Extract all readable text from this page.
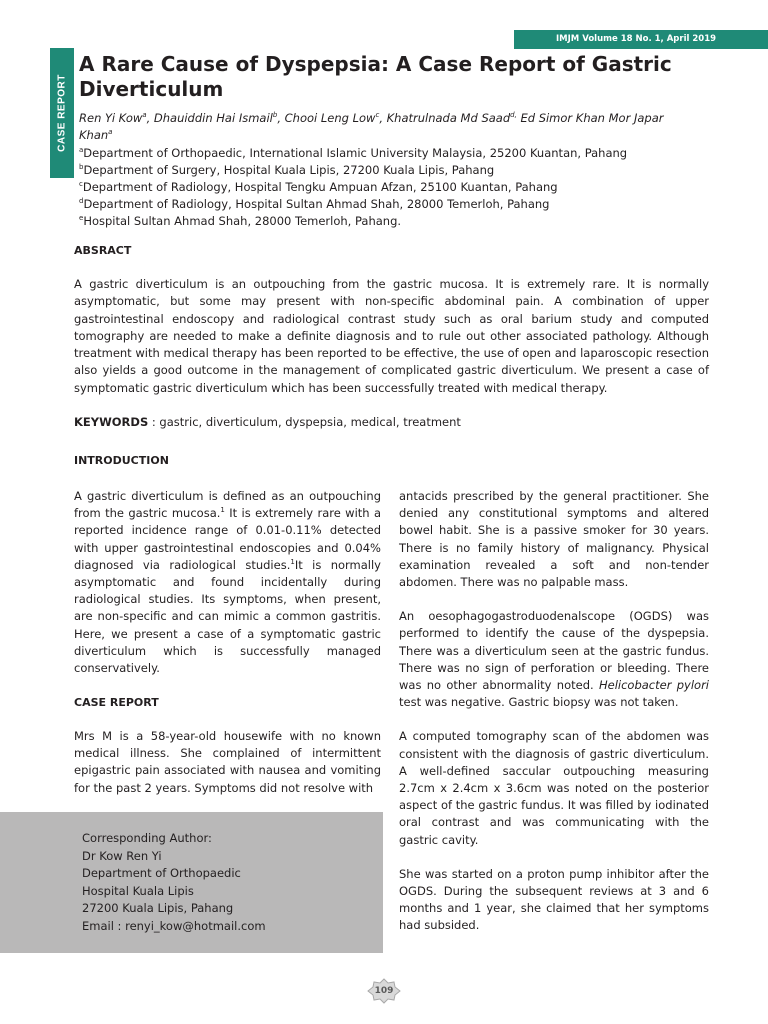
IMJM Volume 18 No. 1, April 2019
CASE REPORT
A Rare Cause of Dyspepsia: A Case Report of Gastric Diverticulum
Ren Yi Kow$^a$, Dhauiddin Hai Ismail$^b$, Chooi Leng Low$^c$, Khatrulnada Md Saad$^{d,}$ Ed Simor Khan Mor Japar Khan$^a$
$^a$Department of Orthopaedic, International Islamic University Malaysia, 25200 Kuantan, Pahang
$^b$Department of Surgery, Hospital Kuala Lipis, 27200 Kuala Lipis, Pahang
$^c$Department of Radiology, Hospital Tengku Ampuan Afzan, 25100 Kuantan, Pahang
$^d$Department of Radiology, Hospital Sultan Ahmad Shah, 28000 Temerloh, Pahang
$^e$Hospital Sultan Ahmad Shah, 28000 Temerloh, Pahang.
ABSRACT

A gastric diverticulum is an outpouching from the gastric mucosa. It is extremely rare. It is normally asymptomatic, but some may present with non-specific abdominal pain. A combination of upper gastrointestinal endoscopy and radiological contrast study such as oral barium study and computed tomography are needed to make a definite diagnosis and to rule out other associated pathology. Although treatment with medical therapy has been reported to be effective, the use of open and laparoscopic resection also yields a good outcome in the management of complicated gastric diverticulum. We present a case of symptomatic gastric diverticulum which has been successfully treated with medical therapy.

KEYWORDS : gastric, diverticulum, dyspepsia, medical, treatment

INTRODUCTION

A gastric diverticulum is defined as an outpouching from the gastric mucosa.$^1$ It is extremely rare with a reported incidence range of 0.01-0.11% detected with upper gastrointestinal endoscopies and 0.04% diagnosed via radiological studies.$^1$It is normally asymptomatic and found incidentally during radiological studies. Its symptoms, when present, are non-specific and can mimic a common gastritis. Here, we present a case of a symptomatic gastric diverticulum which is successfully managed conservatively.

CASE REPORT

Mrs M is a 58-year-old housewife with no known medical illness. She complained of intermittent epigastric pain associated with nausea and vomiting for the past 2 years. Symptoms did not resolve with

antacids prescribed by the general practitioner. She denied any constitutional symptoms and altered bowel habit. She is a passive smoker for 30 years. There is no family history of malignancy. Physical examination revealed a soft and non-tender abdomen. There was no palpable mass.

An oesophagogastroduodenalscope (OGDS) was performed to identify the cause of the dyspepsia. There was a diverticulum seen at the gastric fundus. There was no sign of perforation or bleeding. There was no other abnormality noted. Helicobacter pylori test was negative. Gastric biopsy was not taken.

A computed tomography scan of the abdomen was consistent with the diagnosis of gastric diverticulum. A well-defined saccular outpouching measuring 2.7cm x 2.4cm x 3.6cm was noted on the posterior aspect of the gastric fundus. It was filled by iodinated oral contrast and was communicating with the gastric cavity.

She was started on a proton pump inhibitor after the OGDS. During the subsequent reviews at 3 and 6 months and 1 year, she claimed that her symptoms had subsided.

Corresponding Author:
Dr Kow Ren Yi
Department of Orthopaedic
Hospital Kuala Lipis
27200 Kuala Lipis, Pahang
Email : renyi_kow@hotmail.com
109
